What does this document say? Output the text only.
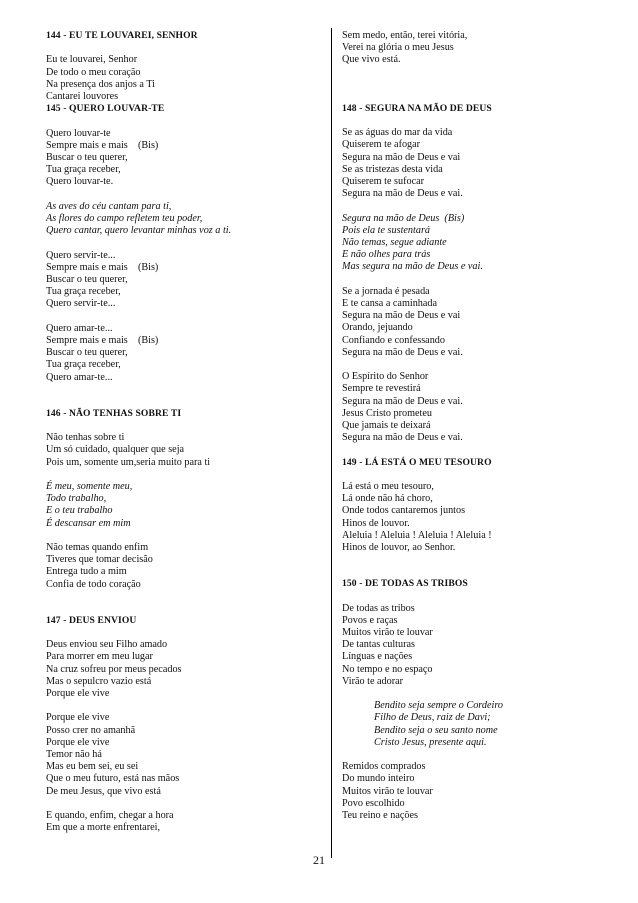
144 - EU TE LOUVAREI, SENHOR
Eu te louvarei, Senhor
De todo o meu coração
Na presença dos anjos a Ti
Cantarei louvores
145 - QUERO LOUVAR-TE
Quero louvar-te
Sempre mais e mais    (Bis)
Buscar o teu querer,
Tua graça receber,
Quero louvar-te.
As aves do céu cantam para ti,
As flores do campo refletem teu poder,
Quero cantar, quero levantar minhas voz a ti.
Quero servir-te...
Sempre mais e mais    (Bis)
Buscar o teu querer,
Tua graça receber,
Quero servir-te...
Quero amar-te...
Sempre mais e mais    (Bis)
Buscar o teu querer,
Tua graça receber,
Quero amar-te...
146 - NÃO TENHAS SOBRE TI
Não tenhas sobre ti
Um só cuidado, qualquer que seja
Pois um, somente um,seria muito para ti
É meu, somente meu,
Todo trabalho,
E o teu trabalho
É descansar em mim
Não temas quando enfim
Tiveres que tomar decisão
Entrega tudo a mim
Confia de todo coração
147 - DEUS ENVIOU
Deus enviou seu Filho amado
Para morrer em meu lugar
Na cruz sofreu por meus pecados
Mas o sepulcro vazio está
Porque ele vive
Porque ele vive
Posso crer no amanhã
Porque ele vive
Temor não há
Mas eu bem sei, eu sei
Que o meu futuro, está nas mãos
De meu Jesus, que vivo está
E quando, enfim, chegar a hora
Em que a morte enfrentarei,
Sem medo, então, terei vitória,
Verei na glória o meu Jesus
Que vivo está.
148 - SEGURA NA MÃO DE DEUS
Se as águas do mar da vida
Quiserem te afogar
Segura na mão de Deus e vai
Se as tristezas desta vida
Quiserem te sufocar
Segura na mão de Deus e vai.
Segura na mão de Deus  (Bis)
Pois ela te sustentará
Não temas, segue adiante
E não olhes para trás
Mas segura na mão de Deus e vai.
Se a jornada é pesada
E te cansa a caminhada
Segura na mão de Deus e vai
Orando, jejuando
Confiando e confessando
Segura na mão de Deus e vai.
O Espírito do Senhor
Sempre te revestirá
Segura na mão de Deus e vai.
Jesus Cristo prometeu
Que jamais te deixará
Segura na mão de Deus e vai.
149 - LÁ ESTÁ O MEU TESOURO
Lá está o meu tesouro,
Lá onde não há choro,
Onde todos cantaremos juntos
Hinos de louvor.
Aleluia ! Aleluia ! Aleluia ! Aleluia !
Hinos de louvor, ao Senhor.
150 - DE TODAS AS TRIBOS
De todas as tribos
Povos e raças
Muitos virão te louvar
De tantas culturas
Línguas e nações
No tempo e no espaço
Virão te adorar
Bendito seja sempre o Cordeiro
Filho de Deus, raiz de Davi;
Bendito seja o seu santo nome
Cristo Jesus, presente aqui.
Remidos comprados
Do mundo inteiro
Muitos virão te louvar
Povo escolhido
Teu reino e nações
21
